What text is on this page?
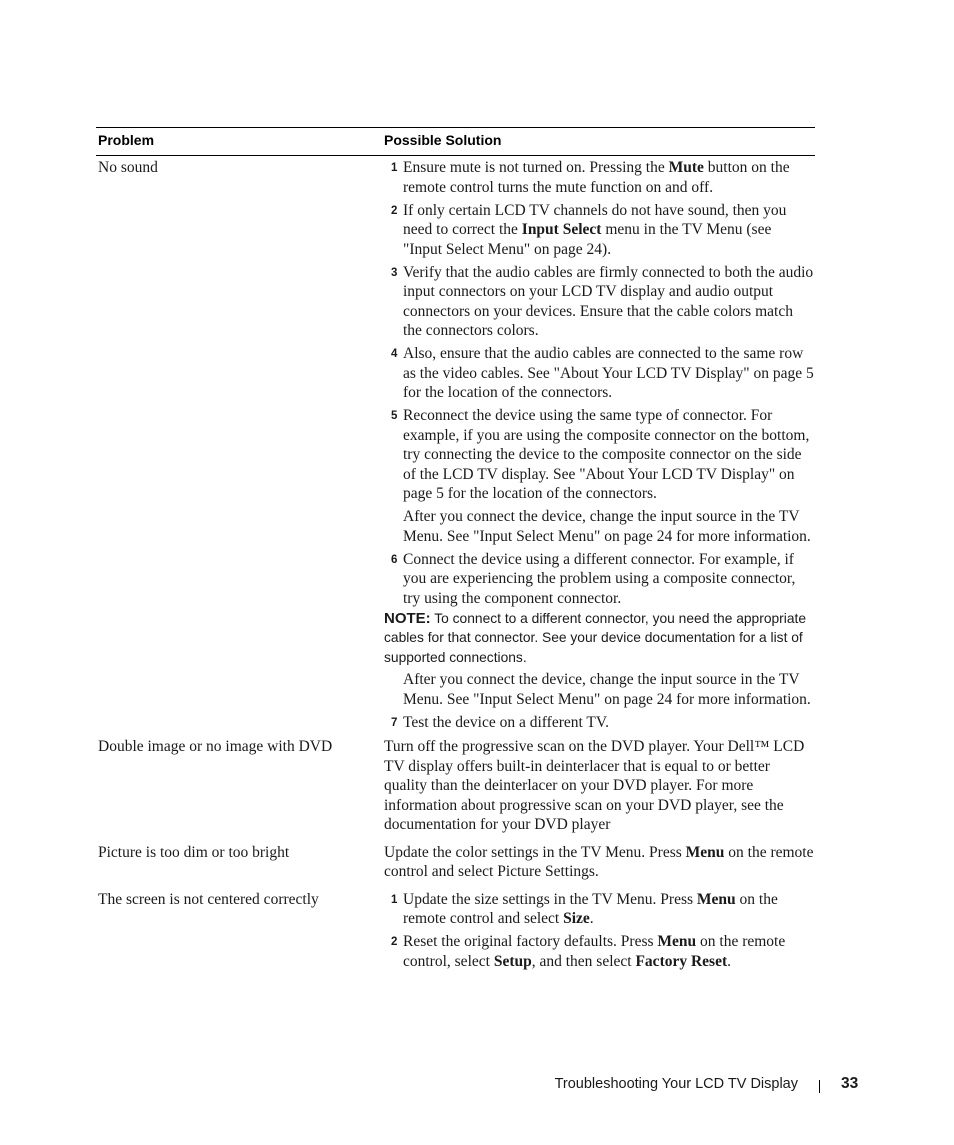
Problem	Possible Solution
No sound	1 Ensure mute is not turned on. Pressing the Mute button on the remote control turns the mute function on and off.
2 If only certain LCD TV channels do not have sound, then you need to correct the Input Select menu in the TV Menu (see "Input Select Menu" on page 24).
3 Verify that the audio cables are firmly connected to both the audio input connectors on your LCD TV display and audio output connectors on your devices. Ensure that the cable colors match the connectors colors.
4 Also, ensure that the audio cables are connected to the same row as the video cables. See "About Your LCD TV Display" on page 5 for the location of the connectors.
5 Reconnect the device using the same type of connector. For example, if you are using the composite connector on the bottom, try connecting the device to the composite connector on the side of the LCD TV display. See "About Your LCD TV Display" on page 5 for the location of the connectors.
After you connect the device, change the input source in the TV Menu. See "Input Select Menu" on page 24 for more information.
6 Connect the device using a different connector. For example, if you are experiencing the problem using a composite connector, try using the component connector.
NOTE: To connect to a different connector, you need the appropriate cables for that connector. See your device documentation for a list of supported connections.
After you connect the device, change the input source in the TV Menu. See "Input Select Menu" on page 24 for more information.
7 Test the device on a different TV.
Double image or no image with DVD	Turn off the progressive scan on the DVD player. Your Dell™ LCD TV display offers built-in deinterlacer that is equal to or better quality than the deinterlacer on your DVD player. For more information about progressive scan on your DVD player, see the documentation for your DVD player
Picture is too dim or too bright	Update the color settings in the TV Menu. Press Menu on the remote control and select Picture Settings.
The screen is not centered correctly	1 Update the size settings in the TV Menu. Press Menu on the remote control and select Size.
2 Reset the original factory defaults. Press Menu on the remote control, select Setup, and then select Factory Reset.
Troubleshooting Your LCD TV Display	33
